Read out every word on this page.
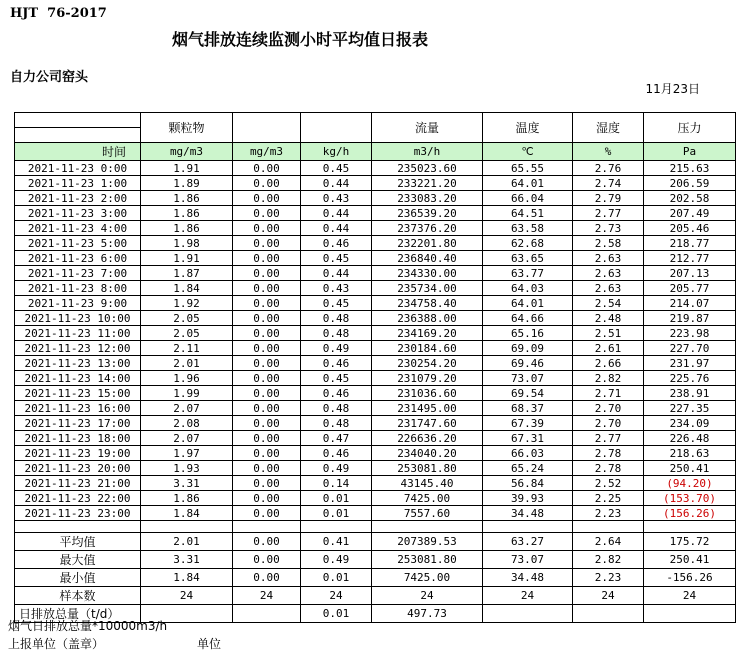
HJT  76-2017
烟气排放连续监测小时平均值日报表
自力公司窑头
11月23日
	颗粒物			流量	温度	湿度	压力
时间	mg/m3	mg/m3	kg/h	m3/h	℃	%	Pa
2021-11-23 0:00	1.91	0.00	0.45	235023.60	65.55	2.76	215.63
2021-11-23 1:00	1.89	0.00	0.44	233221.20	64.01	2.74	206.59
2021-11-23 2:00	1.86	0.00	0.43	233083.20	66.04	2.79	202.58
2021-11-23 3:00	1.86	0.00	0.44	236539.20	64.51	2.77	207.49
2021-11-23 4:00	1.86	0.00	0.44	237376.20	63.58	2.73	205.46
2021-11-23 5:00	1.98	0.00	0.46	232201.80	62.68	2.58	218.77
2021-11-23 6:00	1.91	0.00	0.45	236840.40	63.65	2.63	212.77
2021-11-23 7:00	1.87	0.00	0.44	234330.00	63.77	2.63	207.13
2021-11-23 8:00	1.84	0.00	0.43	235734.00	64.03	2.63	205.77
2021-11-23 9:00	1.92	0.00	0.45	234758.40	64.01	2.54	214.07
2021-11-23 10:00	2.05	0.00	0.48	236388.00	64.66	2.48	219.87
2021-11-23 11:00	2.05	0.00	0.48	234169.20	65.16	2.51	223.98
2021-11-23 12:00	2.11	0.00	0.49	230184.60	69.09	2.61	227.70
2021-11-23 13:00	2.01	0.00	0.46	230254.20	69.46	2.66	231.97
2021-11-23 14:00	1.96	0.00	0.45	231079.20	73.07	2.82	225.76
2021-11-23 15:00	1.99	0.00	0.46	231036.60	69.54	2.71	238.91
2021-11-23 16:00	2.07	0.00	0.48	231495.00	68.37	2.70	227.35
2021-11-23 17:00	2.08	0.00	0.48	231747.60	67.39	2.70	234.09
2021-11-23 18:00	2.07	0.00	0.47	226636.20	67.31	2.77	226.48
2021-11-23 19:00	1.97	0.00	0.46	234040.20	66.03	2.78	218.63
2021-11-23 20:00	1.93	0.00	0.49	253081.80	65.24	2.78	250.41
2021-11-23 21:00	3.31	0.00	0.14	43145.40	56.84	2.52	(94.20)
2021-11-23 22:00	1.86	0.00	0.01	7425.00	39.93	2.25	(153.70)
2021-11-23 23:00	1.84	0.00	0.01	7557.60	34.48	2.23	(156.26)

平均值	2.01	0.00	0.41	207389.53	63.27	2.64	175.72
最大值	3.31	0.00	0.49	253081.80	73.07	2.82	250.41
最小值	1.84	0.00	0.01	7425.00	34.48	2.23	-156.26
样本数	24	24	24	24	24	24	24
日排放总量（t/d）			0.01	497.73			
烟气日排放总量*10000m3/h
上报单位（盖章）	单位
